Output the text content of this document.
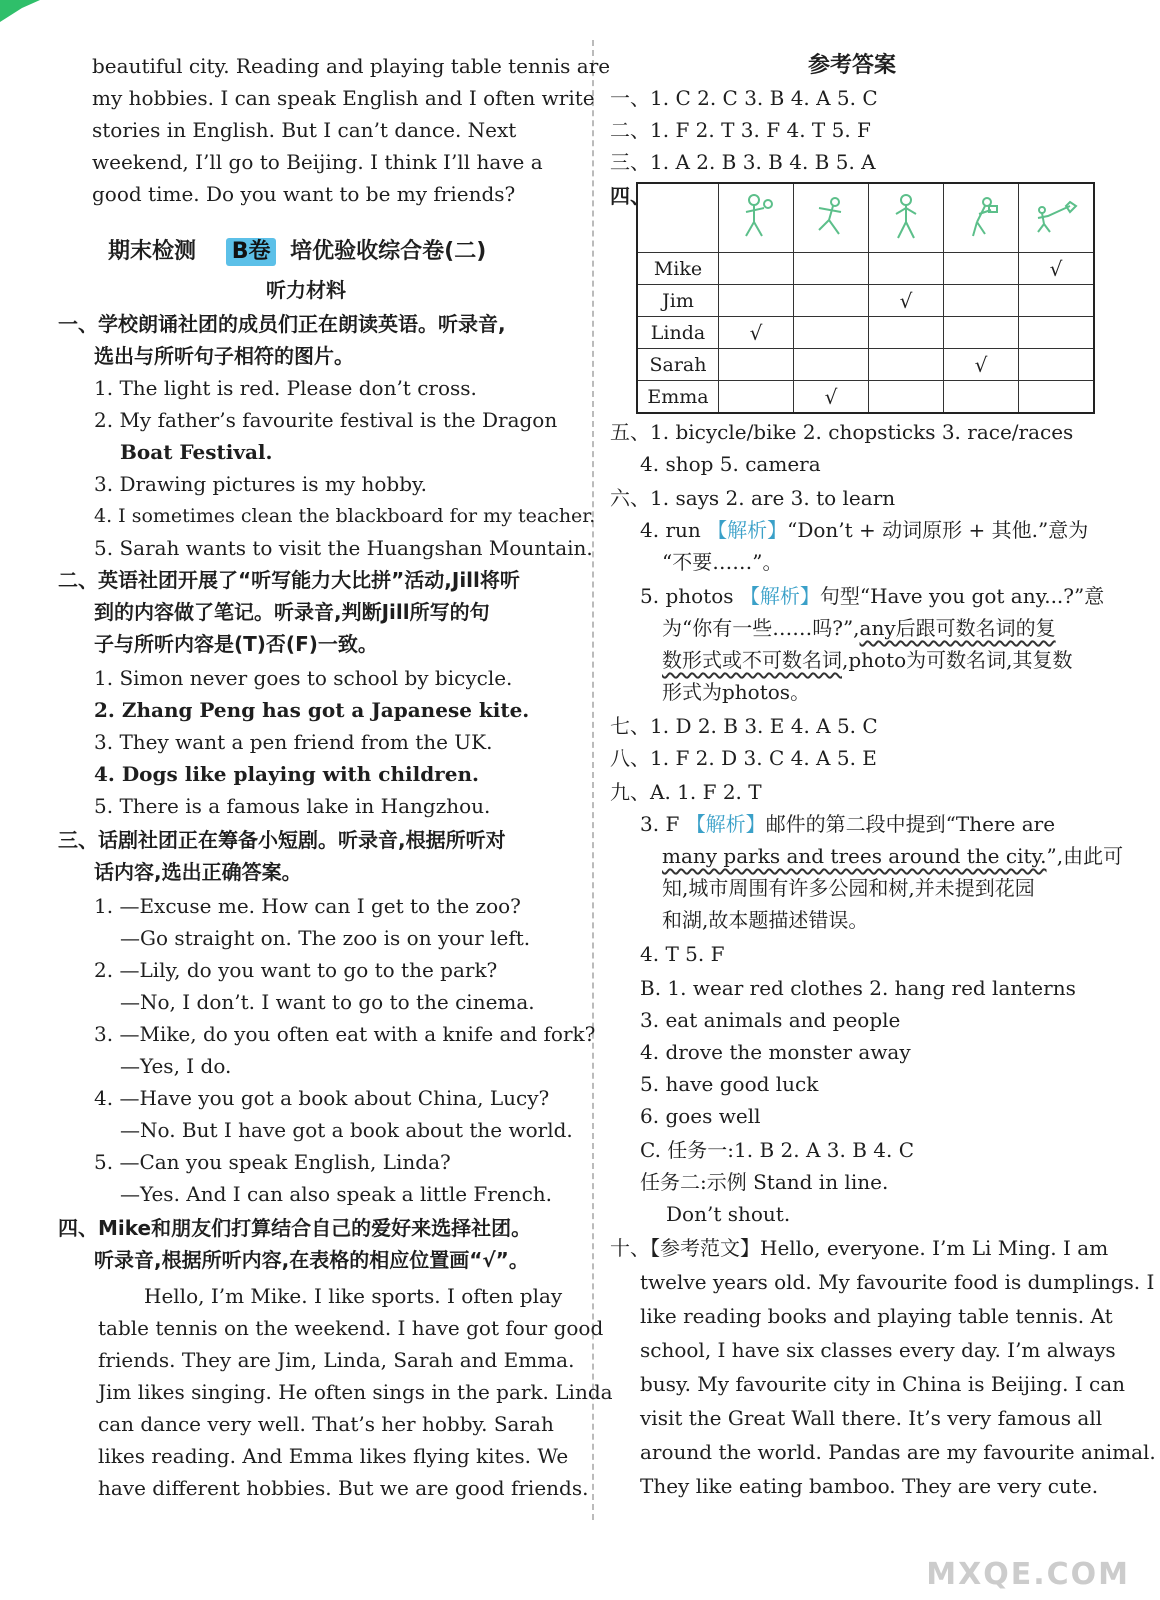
beautiful city. Reading and playing table tennis are
my hobbies. I can speak English and I often write
stories in English. But I can’t dance. Next
weekend, I’ll go to Beijing. I think I’ll have a
good time. Do you want to be my friends?
期末检测 B卷 培优验收综合卷(二)
听力材料
一、学校朗诵社团的成员们正在朗读英语。听录音,
选出与所听句子相符的图片。
1. The light is red. Please don’t cross.
2. My father’s favourite festival is the Dragon
Boat Festival.
3. Drawing pictures is my hobby.
4. I sometimes clean the blackboard for my teacher.
5. Sarah wants to visit the Huangshan Mountain.
二、英语社团开展了“听写能力大比拼”活动,Jill将听
到的内容做了笔记。听录音,判断Jill所写的句
子与所听内容是(T)否(F)一致。
1. Simon never goes to school by bicycle.
2. Zhang Peng has got a Japanese kite.
3. They want a pen friend from the UK.
4. Dogs like playing with children.
5. There is a famous lake in Hangzhou.
三、话剧社团正在筹备小短剧。听录音,根据所听对
话内容,选出正确答案。
1. —Excuse me. How can I get to the zoo?
—Go straight on. The zoo is on your left.
2. —Lily, do you want to go to the park?
—No, I don’t. I want to go to the cinema.
3. —Mike, do you often eat with a knife and fork?
—Yes, I do.
4. —Have you got a book about China, Lucy?
—No. But I have got a book about the world.
5. —Can you speak English, Linda?
—Yes. And I can also speak a little French.
四、Mike和朋友们打算结合自己的爱好来选择社团。
听录音,根据所听内容,在表格的相应位置画“√”。
Hello, I’m Mike. I like sports. I often play
table tennis on the weekend. I have got four good
friends. They are Jim, Linda, Sarah and Emma.
Jim likes singing. He often sings in the park. Linda
can dance very well. That’s her hobby. Sarah
likes reading. And Emma likes flying kites. We
have different hobbies. But we are good friends.
参考答案
一、1. C 2. C 3. B 4. A 5. C
二、1. F 2. T 3. F 4. T 5. F
三、1. A 2. B 3. B 4. B 5. A
四、

Mike					√
Jim			√		
Linda	√				
Sarah				√	
Emma		√			
五、1. bicycle/bike 2. chopsticks 3. race/races
4. shop 5. camera
六、1. says 2. are 3. to learn
4. run 【解析】“Don’t + 动词原形 + 其他.”意为
“不要……”。
5. photos 【解析】句型“Have you got any...?”意
为“你有一些……吗?”,any后跟可数名词的复
数形式或不可数名词,photo为可数名词,其复数
形式为photos。
七、1. D 2. B 3. E 4. A 5. C
八、1. F 2. D 3. C 4. A 5. E
九、A. 1. F 2. T
3. F 【解析】邮件的第二段中提到“There are
many parks and trees around the city.”,由此可
知,城市周围有许多公园和树,并未提到花园
和湖,故本题描述错误。
4. T 5. F
B. 1. wear red clothes 2. hang red lanterns
3. eat animals and people
4. drove the monster away
5. have good luck
6. goes well
C. 任务一:1. B 2. A 3. B 4. C
任务二:示例 Stand in line.
Don’t shout.
十、【参考范文】Hello, everyone. I’m Li Ming. I am
twelve years old. My favourite food is dumplings. I
like reading books and playing table tennis. At
school, I have six classes every day. I’m always
busy. My favourite city in China is Beijing. I can
visit the Great Wall there. It’s very famous all
around the world. Pandas are my favourite animal.
They like eating bamboo. They are very cute.
MXQE.COM
